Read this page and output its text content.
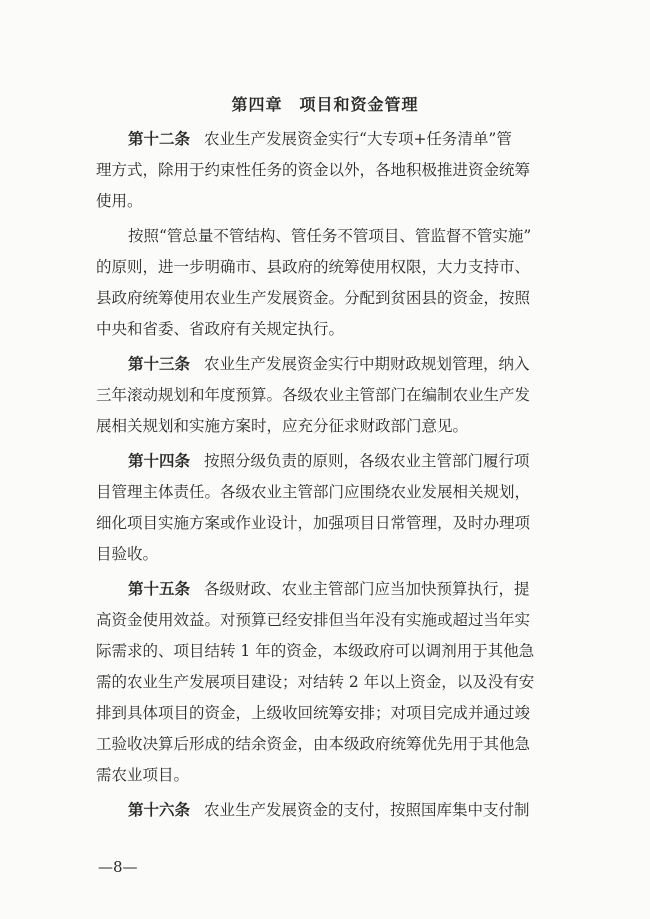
第四章　项目和资金管理
第十二条 农业生产发展资金实行“大专项+任务清单”管
理方式，除用于约束性任务的资金以外，各地积极推进资金统筹
使用。
按照“管总量不管结构、管任务不管项目、管监督不管实施”
的原则，进一步明确市、县政府的统筹使用权限，大力支持市、
县政府统筹使用农业生产发展资金。分配到贫困县的资金，按照
中央和省委、省政府有关规定执行。
第十三条 农业生产发展资金实行中期财政规划管理，纳入
三年滚动规划和年度预算。各级农业主管部门在编制农业生产发
展相关规划和实施方案时，应充分征求财政部门意见。
第十四条 按照分级负责的原则，各级农业主管部门履行项
目管理主体责任。各级农业主管部门应围绕农业发展相关规划，
细化项目实施方案或作业设计，加强项目日常管理，及时办理项
目验收。
第十五条 各级财政、农业主管部门应当加快预算执行，提
高资金使用效益。对预算已经安排但当年没有实施或超过当年实
际需求的、项目结转 1 年的资金，本级政府可以调剂用于其他急
需的农业生产发展项目建设；对结转 2 年以上资金，以及没有安
排到具体项目的资金，上级收回统筹安排；对项目完成并通过竣
工验收决算后形成的结余资金，由本级政府统筹优先用于其他急
需农业项目。
第十六条 农业生产发展资金的支付，按照国库集中支付制
—8—
